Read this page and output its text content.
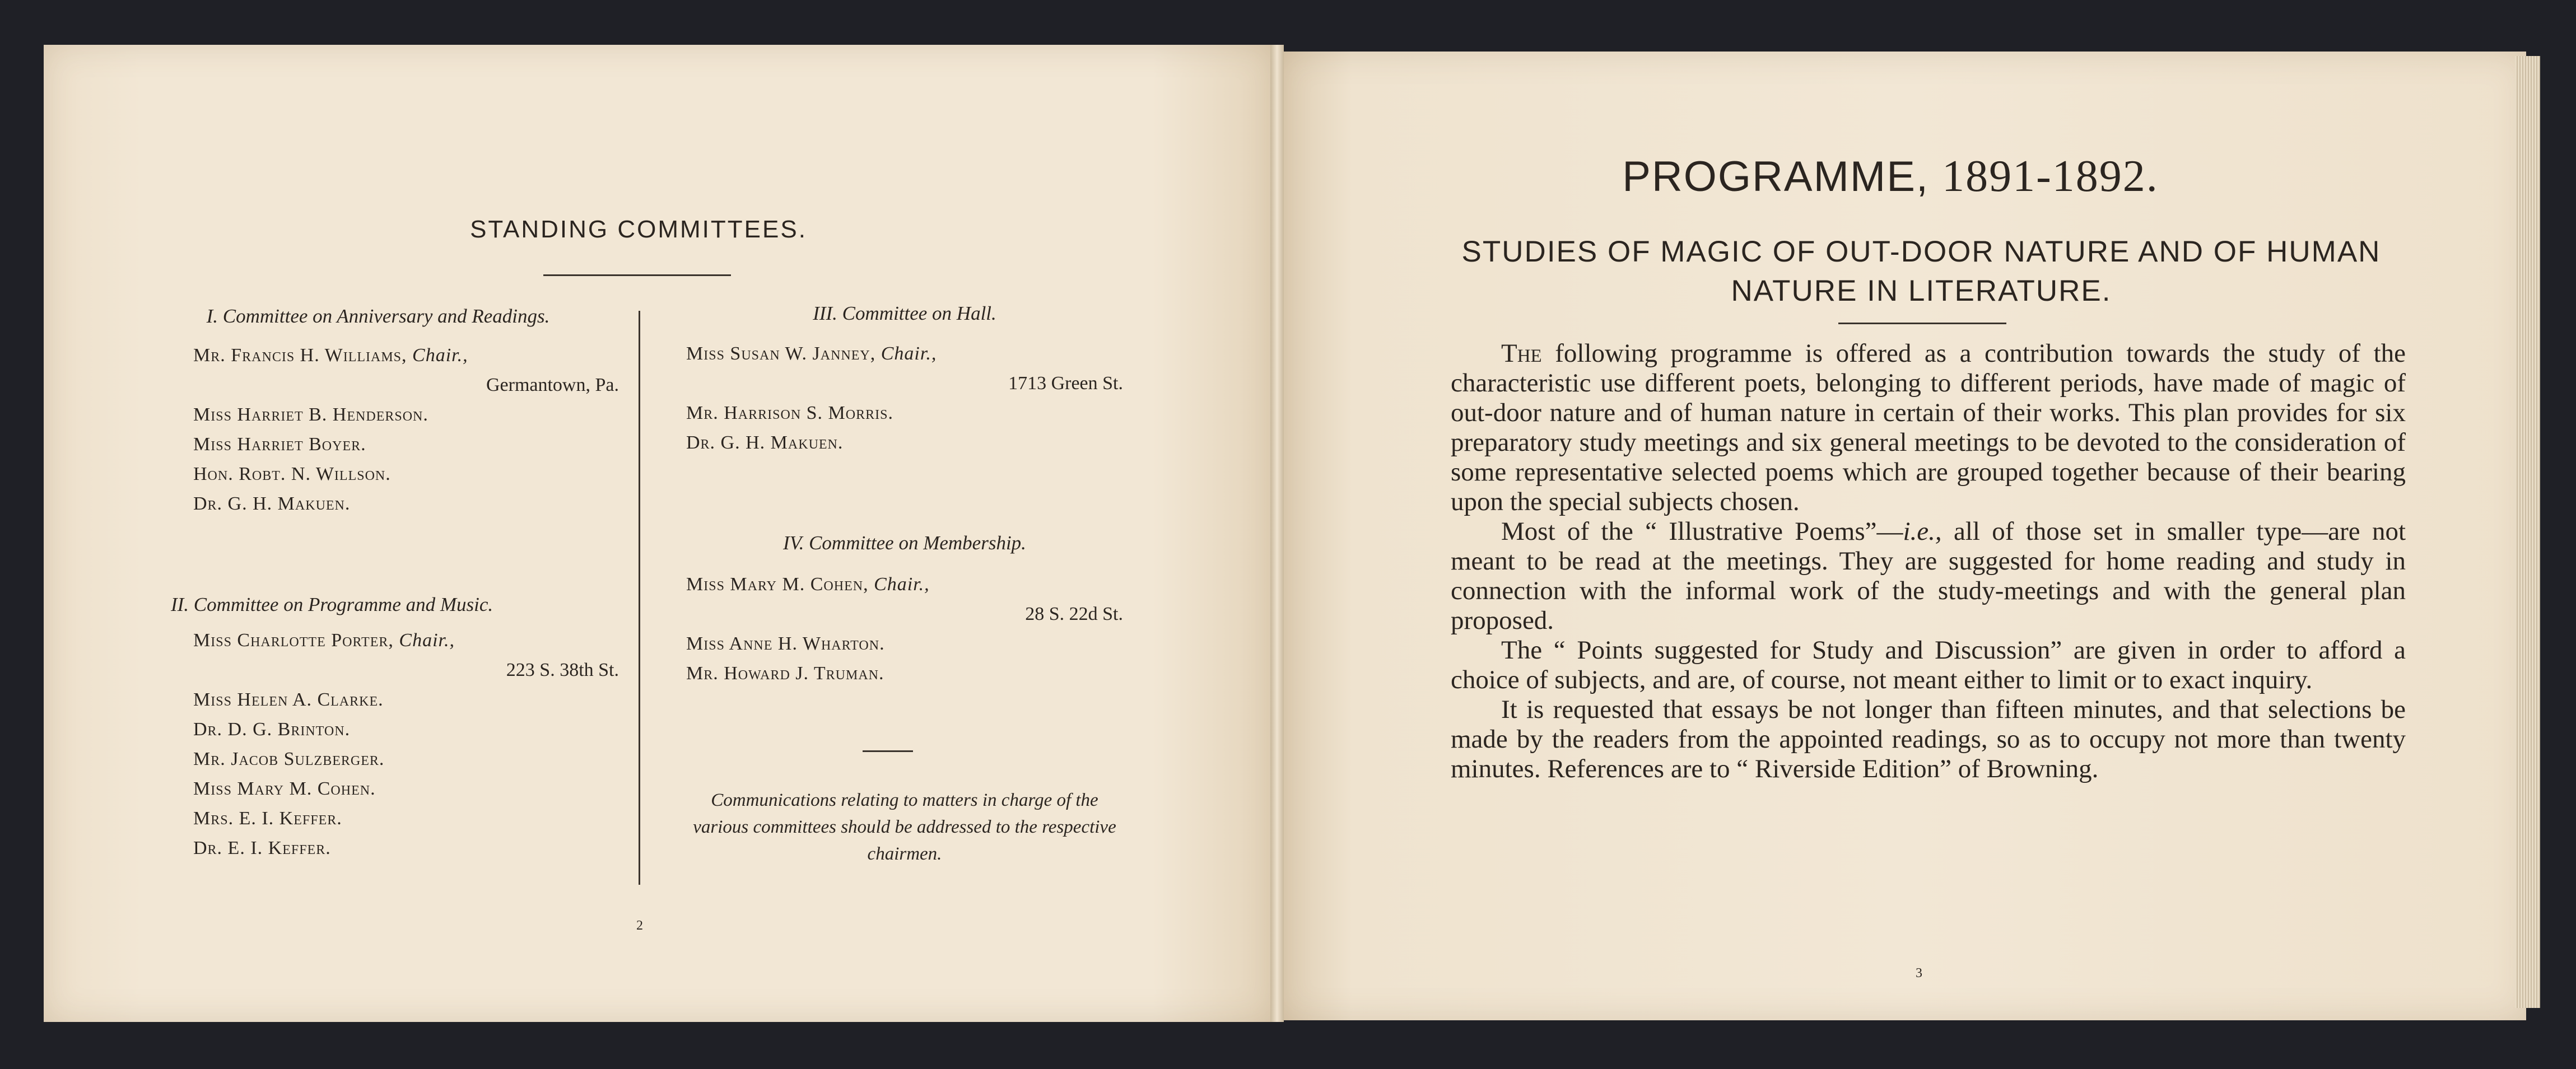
STANDING COMMITTEES.
I. Committee on Anniversary and Readings.
Mr. Francis H. Williams, Chair.,
Germantown, Pa.
Miss Harriet B. Henderson.
Miss Harriet Boyer.
Hon. Robt. N. Willson.
Dr. G. H. Makuen.
II. Committee on Programme and Music.
Miss Charlotte Porter, Chair.,
223 S. 38th St.
Miss Helen A. Clarke.
Dr. D. G. Brinton.
Mr. Jacob Sulzberger.
Miss Mary M. Cohen.
Mrs. E. I. Keffer.
Dr. E. I. Keffer.
III. Committee on Hall.
Miss Susan W. Janney, Chair.,
1713 Green St.
Mr. Harrison S. Morris.
Dr. G. H. Makuen.
IV. Committee on Membership.
Miss Mary M. Cohen, Chair.,
28 S. 22d St.
Miss Anne H. Wharton.
Mr. Howard J. Truman.
Communications relating to matters in charge of the various committees should be addressed to the respective chairmen.
2
PROGRAMME, 1891-1892.
STUDIES OF MAGIC OF OUT-DOOR NATURE AND OF HUMAN NATURE IN LITERATURE.

The following programme is offered as a contribution towards the study of the characteristic use different poets, belonging to different periods, have made of magic of out-door nature and of human nature in certain of their works. This plan provides for six preparatory study meetings and six general meetings to be devoted to the consideration of some representative selected poems which are grouped together because of their bearing upon the special subjects chosen.

Most of the “ Illustrative Poems”—i.e., all of those set in smaller type—are not meant to be read at the meetings. They are suggested for home reading and study in connection with the informal work of the study-meetings and with the general plan proposed.

The “ Points suggested for Study and Discussion” are given in order to afford a choice of subjects, and are, of course, not meant either to limit or to exact inquiry.

It is requested that essays be not longer than fifteen minutes, and that selections be made by the readers from the appointed readings, so as to occupy not more than twenty minutes. References are to “ Riverside Edition” of Browning.

3
